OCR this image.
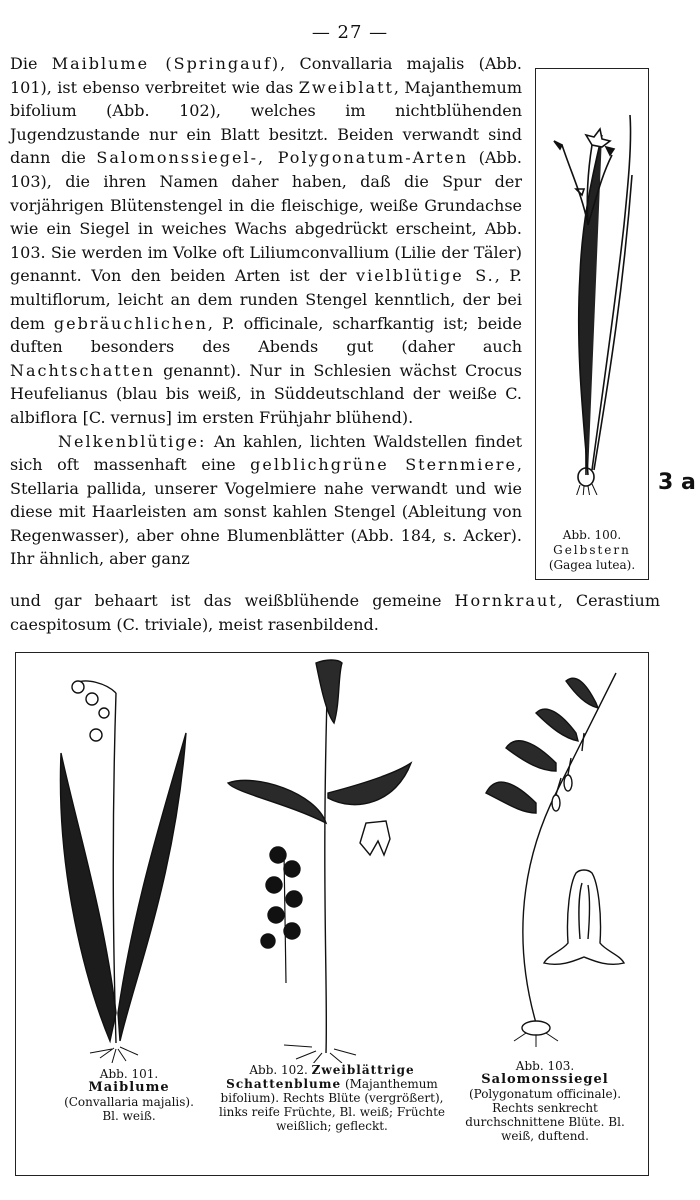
— 27 —

Die Maiblume (Springauf), Convallaria majalis (Abb. 101), ist ebenso verbreitet wie das Zweiblatt, Majanthemum bifolium (Abb. 102), welches im nichtblühenden Jugendzustande nur ein Blatt besitzt. Beiden verwandt sind dann die Salomonssiegel-, Polygonatum-Arten (Abb. 103), die ihren Namen daher haben, daß die Spur der vorjährigen Blütenstengel in die fleischige, weiße Grundachse wie ein Siegel in weiches Wachs abgedrückt erscheint, Abb. 103. Sie werden im Volke oft Liliumconvallium (Lilie der Täler) genannt. Von den beiden Arten ist der vielblütige S., P. multiflorum, leicht an dem runden Stengel kenntlich, der bei dem gebräuchlichen, P. officinale, scharfkantig ist; beide duften besonders des Abends gut (daher auch Nachtschatten genannt). Nur in Schlesien wächst Crocus Heufelianus (blau bis weiß, in Süddeutschland der weiße C. albiflora [C. vernus] im ersten Frühjahr blühend).

Nelkenblütige: An kahlen, lichten Waldstellen findet sich oft massenhaft eine gelblichgrüne Sternmiere, Stellaria pallida, unserer Vogelmiere nahe verwandt und wie diese mit Haarleisten am sonst kahlen Stengel (Ableitung von Regenwasser), aber ohne Blumenblätter (Abb. 184, s. Acker). Ihr ähnlich, aber ganz

und gar behaart ist das weißblühende gemeine Hornkraut, Cerastium caespitosum (C. triviale), meist rasenbildend.
Abb. 100.
Gelbstern
(Gagea lutea).
3 a
Abb. 101.
Maiblume
(Convallaria majalis).
Bl. weiß.
Abb. 102. Zweiblättrige Schattenblume (Majanthemum bifolium). Rechts Blüte (vergrößert), links reife Früchte, Bl. weiß; Früchte weißlich; gefleckt.
Abb. 103.
Salomonssiegel
(Polygonatum officinale). Rechts senkrecht durchschnittene Blüte. Bl. weiß, duftend.
